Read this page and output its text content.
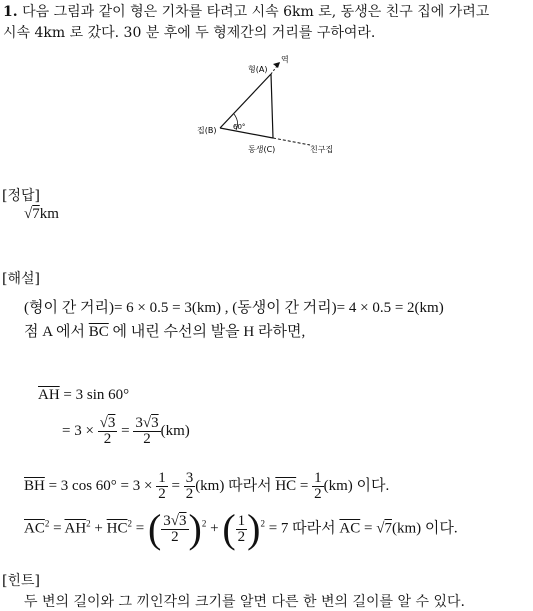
1. 다음 그림과 같이 형은 기차를 타려고 시속 6km 로, 동생은 친구 집에 가려고
시속 4km 로 갔다. 30 분 후에 두 형제간의 거리를 구하여라.
형(A)
역
집(B) 60°
동생(C)	친구집
[정답]
√7km
[해설]
(형이 간 거리)= 6 × 0.5 = 3(km) , (동생이 간 거리)= 4 × 0.5 = 2(km)
점 A 에서 $\overline{BC}$ 에 내린 수선의 발을 H 라하면,
$\overline{AH} = 3$ sin 60°
= $3 \times \frac{√3}{2} = \frac{3√3}{2} (km)$
$\overline{BH} = 3$ $\cos 60^\circ = 3 \times \frac{1}{2} = \frac{3}{2} (km)$ 따라서 $\overline{HC} = \frac{1}{2} (km)$ 이다.
$\overline{AC}^2 = \overline{AH}^2 + \overline{HC}^2$ = ( $\frac{3√3}{2} )^2$ + ( $\frac{1}{2} )^2 = 7$ 따라서 $\overline{AC} = √7(km)$ 이다.
[힌트]
두 변의 길이와 그 끼인각의 크기를 알면 다른 한 변의 길이를 알 수 있다.
